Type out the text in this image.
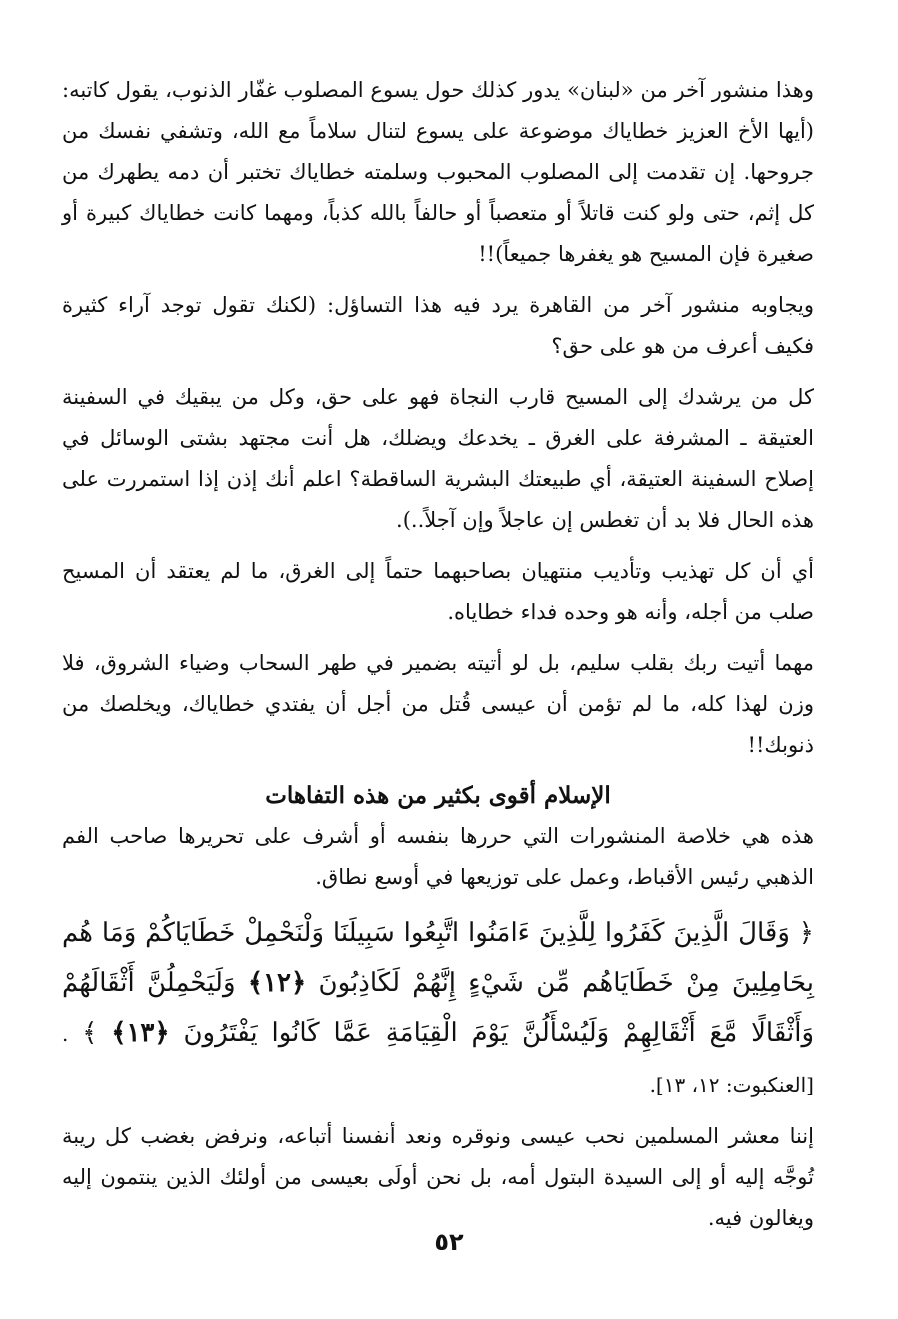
وهذا منشور آخر من «لبنان» يدور كذلك حول يسوع المصلوب غفّار الذنوب، يقول كاتبه: (أيها الأخ العزيز خطاياك موضوعة على يسوع لتنال سلاماً مع الله، وتشفي نفسك من جروحها. إن تقدمت إلى المصلوب المحبوب وسلمته خطاياك تختبر أن دمه يطهرك من كل إثم، حتى ولو كنت قاتلاً أو متعصباً أو حالفاً بالله كذباً، ومهما كانت خطاياك كبيرة أو صغيرة فإن المسيح هو يغفرها جميعاً)!!

ويجاوبه منشور آخر من القاهرة يرد فيه هذا التساؤل: (لكنك تقول توجد آراء كثيرة فكيف أعرف من هو على حق؟

كل من يرشدك إلى المسيح قارب النجاة فهو على حق، وكل من يبقيك في السفينة العتيقة ـ المشرفة على الغرق ـ يخدعك ويضلك، هل أنت مجتهد بشتى الوسائل في إصلاح السفينة العتيقة، أي طبيعتك البشرية الساقطة؟ اعلم أنك إذن إذا استمررت على هذه الحال فلا بد أن تغطس إن عاجلاً وإن آجلاً..).

أي أن كل تهذيب وتأديب منتهيان بصاحبهما حتماً إلى الغرق، ما لم يعتقد أن المسيح صلب من أجله، وأنه هو وحده فداء خطاياه.

مهما أتيت ربك بقلب سليم، بل لو أتيته بضمير في طهر السحاب وضياء الشروق، فلا وزن لهذا كله، ما لم تؤمن أن عيسى قُتل من أجل أن يفتدي خطاياك، ويخلصك من ذنوبك!!

الإسلام أقوى بكثير من هذه التفاهات

هذه هي خلاصة المنشورات التي حررها بنفسه أو أشرف على تحريرها صاحب الفم الذهبي رئيس الأقباط، وعمل على توزيعها في أوسع نطاق.

﴿ وَقَالَ الَّذِينَ كَفَرُوا لِلَّذِينَ ءَامَنُوا اتَّبِعُوا سَبِيلَنَا وَلْنَحْمِلْ خَطَايَاكُمْ وَمَا هُم بِحَامِلِينَ مِنْ خَطَايَاهُم مِّن شَيْءٍ إِنَّهُمْ لَكَاذِبُونَ ﴿١٢﴾ وَلَيَحْمِلُنَّ أَثْقَالَهُمْ وَأَثْقَالًا مَّعَ أَثْقَالِهِمْ وَلَيُسْأَلُنَّ يَوْمَ الْقِيَامَةِ عَمَّا كَانُوا يَفْتَرُونَ ﴿١٣﴾ ﴾ .[العنكبوت: ١٢، ١٣].

إننا معشر المسلمين نحب عيسى ونوقره ونعد أنفسنا أتباعه، ونرفض بغضب كل ريبة تُوجَّه إليه أو إلى السيدة البتول أمه، بل نحن أولَى بعيسى من أولئك الذين ينتمون إليه ويغالون فيه.

٥٢
